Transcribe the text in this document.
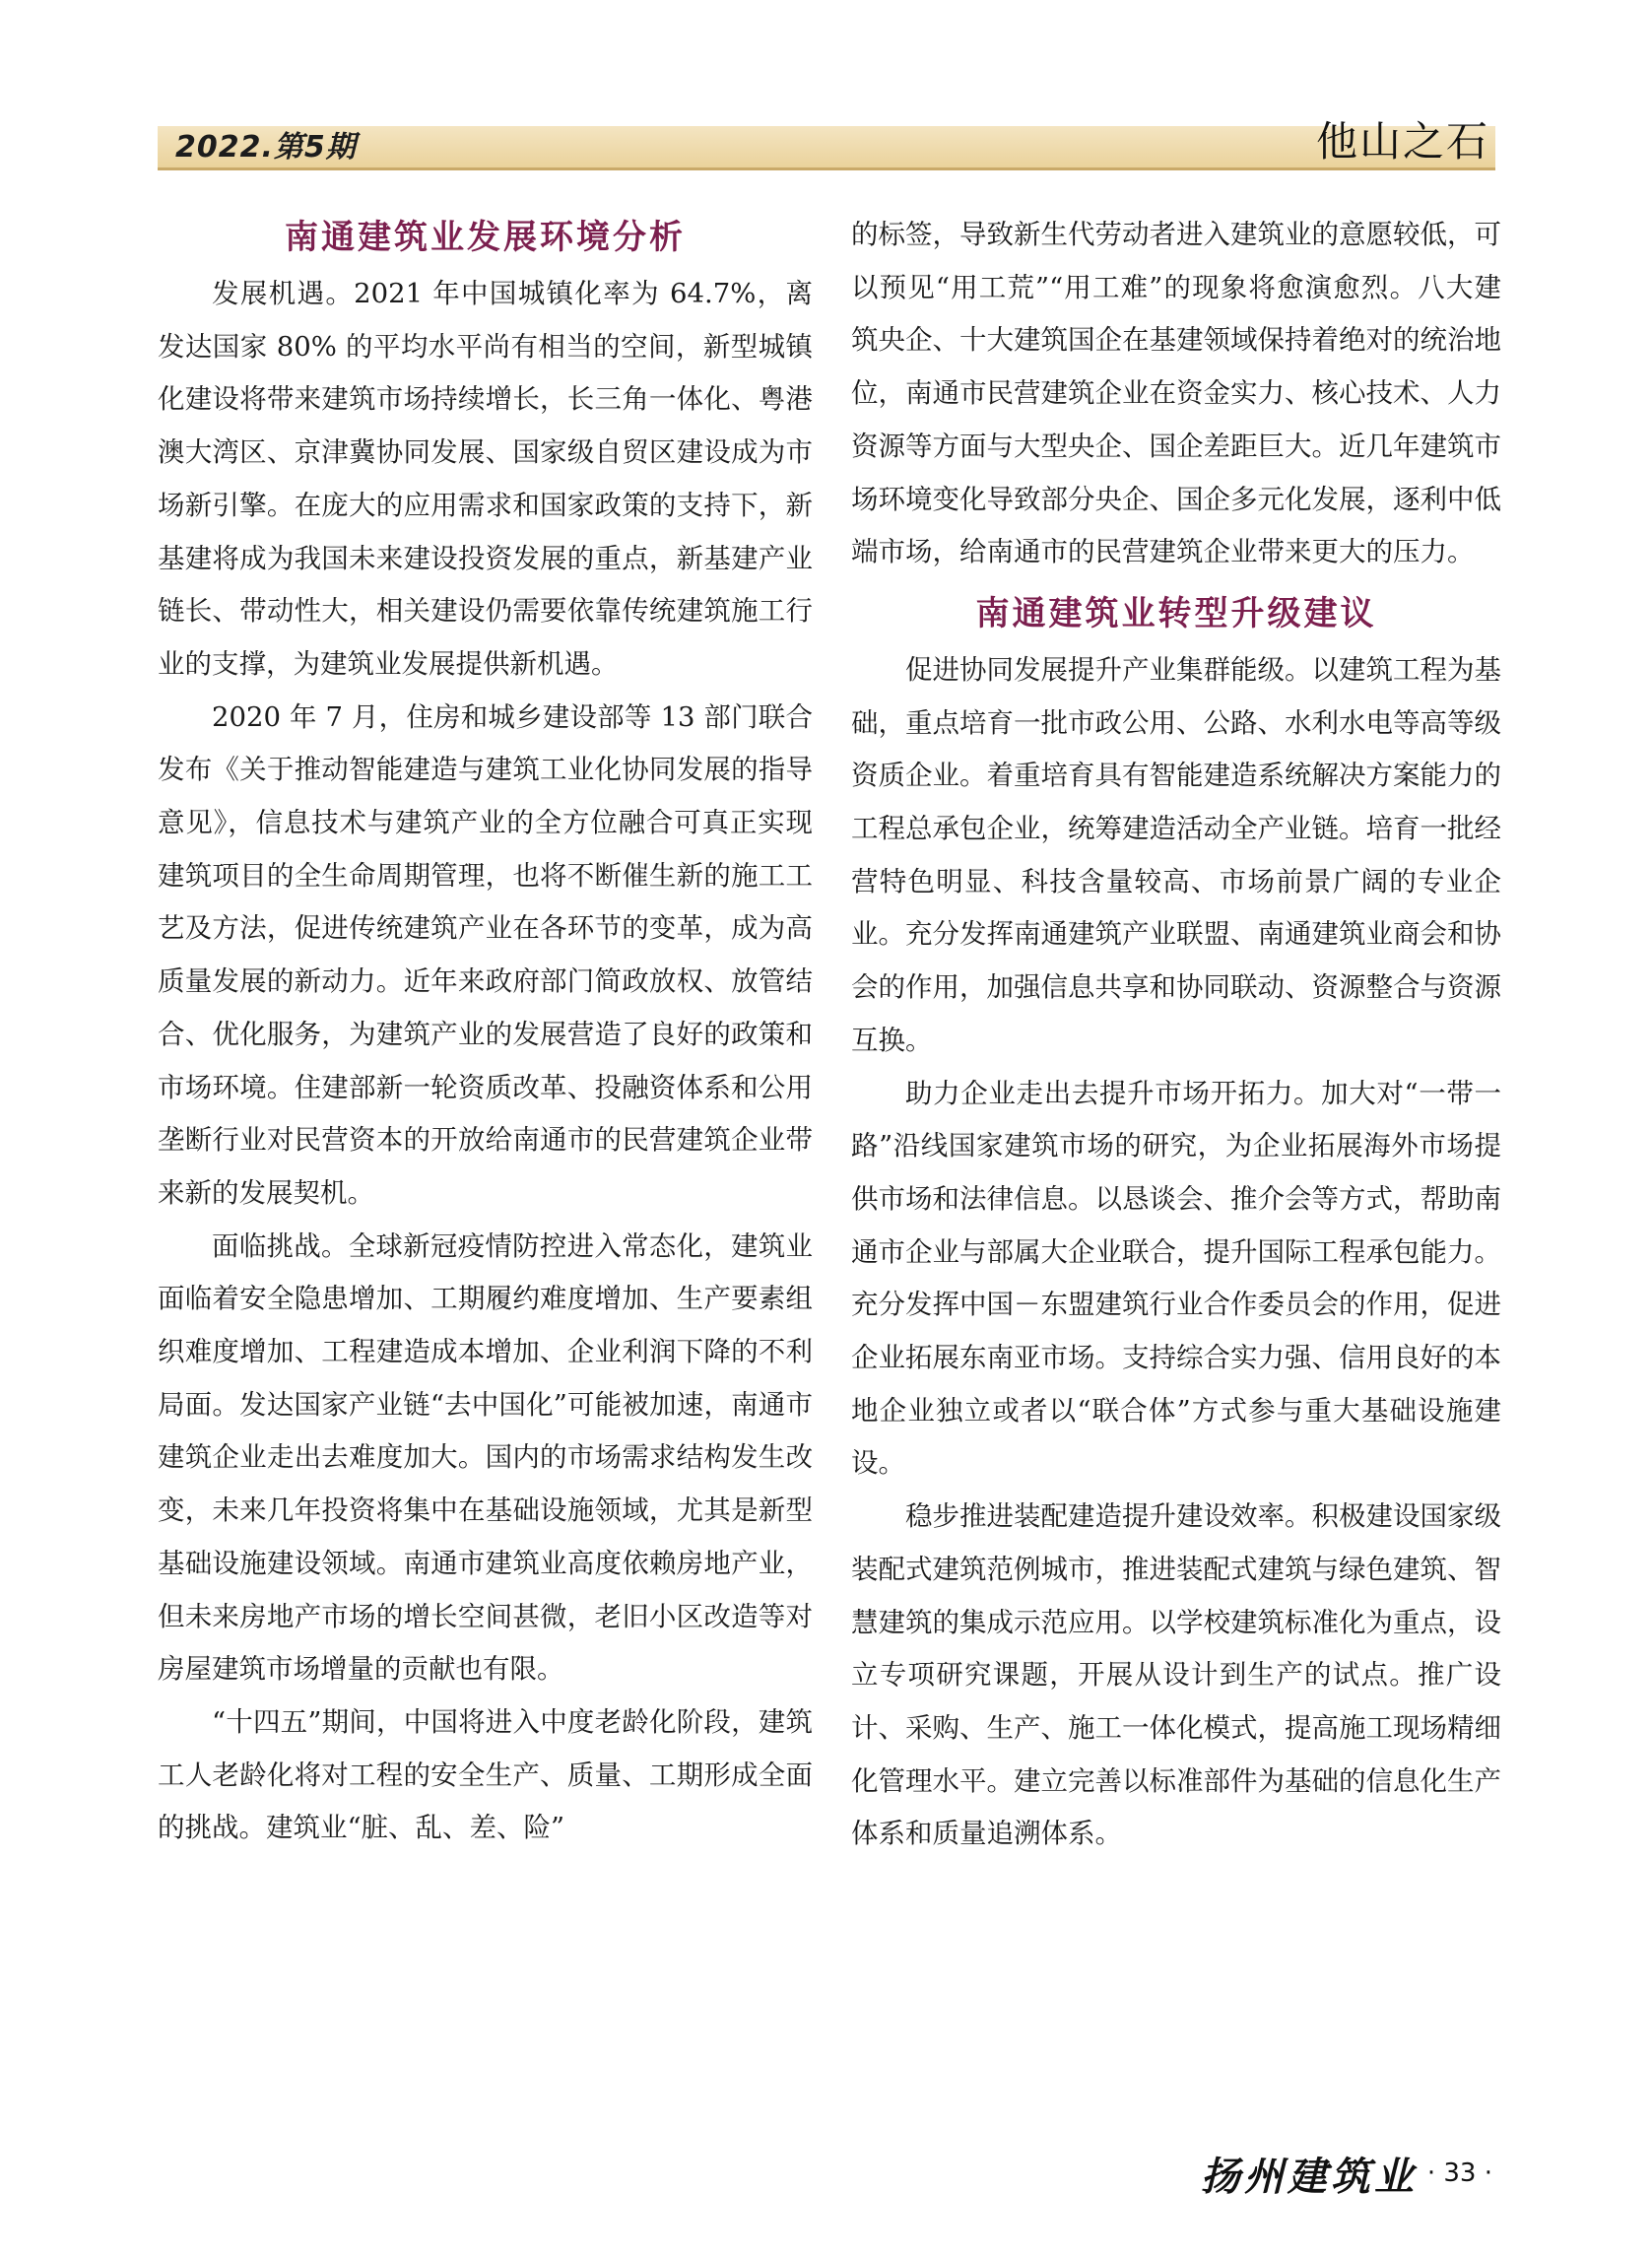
2022.第5期	他山之石
南通建筑业发展环境分析

发展机遇。2021 年中国城镇化率为 64.7%，离发达国家 80% 的平均水平尚有相当的空间，新型城镇化建设将带来建筑市场持续增长，长三角一体化、粤港澳大湾区、京津冀协同发展、国家级自贸区建设成为市场新引擎。在庞大的应用需求和国家政策的支持下，新基建将成为我国未来建设投资发展的重点，新基建产业链长、带动性大，相关建设仍需要依靠传统建筑施工行业的支撑，为建筑业发展提供新机遇。

2020 年 7 月，住房和城乡建设部等 13 部门联合发布《关于推动智能建造与建筑工业化协同发展的指导意见》，信息技术与建筑产业的全方位融合可真正实现建筑项目的全生命周期管理，也将不断催生新的施工工艺及方法，促进传统建筑产业在各环节的变革，成为高质量发展的新动力。近年来政府部门简政放权、放管结合、优化服务，为建筑产业的发展营造了良好的政策和市场环境。住建部新一轮资质改革、投融资体系和公用垄断行业对民营资本的开放给南通市的民营建筑企业带来新的发展契机。

面临挑战。全球新冠疫情防控进入常态化，建筑业面临着安全隐患增加、工期履约难度增加、生产要素组织难度增加、工程建造成本增加、企业利润下降的不利局面。发达国家产业链“去中国化”可能被加速，南通市建筑企业走出去难度加大。国内的市场需求结构发生改变，未来几年投资将集中在基础设施领域，尤其是新型基础设施建设领域。南通市建筑业高度依赖房地产业，但未来房地产市场的增长空间甚微，老旧小区改造等对房屋建筑市场增量的贡献也有限。

“十四五”期间，中国将进入中度老龄化阶段，建筑工人老龄化将对工程的安全生产、质量、工期形成全面的挑战。建筑业“脏、乱、差、险”

的标签，导致新生代劳动者进入建筑业的意愿较低，可以预见“用工荒”“用工难”的现象将愈演愈烈。八大建筑央企、十大建筑国企在基建领域保持着绝对的统治地位，南通市民营建筑企业在资金实力、核心技术、人力资源等方面与大型央企、国企差距巨大。近几年建筑市场环境变化导致部分央企、国企多元化发展，逐利中低端市场，给南通市的民营建筑企业带来更大的压力。

南通建筑业转型升级建议

促进协同发展提升产业集群能级。以建筑工程为基础，重点培育一批市政公用、公路、水利水电等高等级资质企业。着重培育具有智能建造系统解决方案能力的工程总承包企业，统筹建造活动全产业链。培育一批经营特色明显、科技含量较高、市场前景广阔的专业企业。充分发挥南通建筑产业联盟、南通建筑业商会和协会的作用，加强信息共享和协同联动、资源整合与资源互换。

助力企业走出去提升市场开拓力。加大对“一带一路”沿线国家建筑市场的研究，为企业拓展海外市场提供市场和法律信息。以恳谈会、推介会等方式，帮助南通市企业与部属大企业联合，提升国际工程承包能力。充分发挥中国－东盟建筑行业合作委员会的作用，促进企业拓展东南亚市场。支持综合实力强、信用良好的本地企业独立或者以“联合体”方式参与重大基础设施建设。

稳步推进装配建造提升建设效率。积极建设国家级装配式建筑范例城市，推进装配式建筑与绿色建筑、智慧建筑的集成示范应用。以学校建筑标准化为重点，设立专项研究课题，开展从设计到生产的试点。推广设计、采购、生产、施工一体化模式，提高施工现场精细化管理水平。建立完善以标准部件为基础的信息化生产体系和质量追溯体系。

扬州建筑业 · 33 ·
